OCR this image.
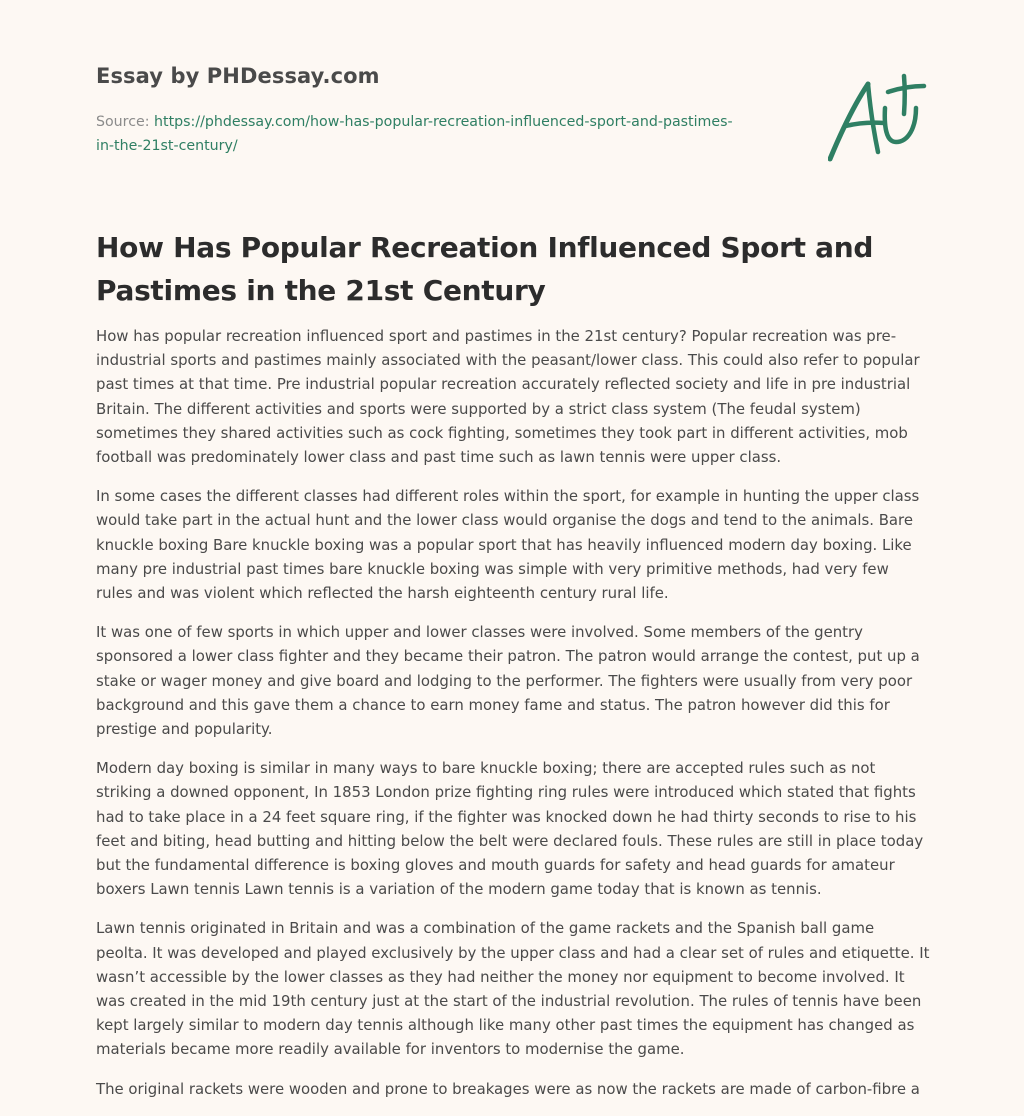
Essay by PHDessay.com
Source: https://phdessay.com/how-has-popular-recreation-influenced-sport-and-pastimes-in-the-21st-century/
How Has Popular Recreation Influenced Sport and Pastimes in the 21st Century

How has popular recreation influenced sport and pastimes in the 21st century? Popular recreation was pre-industrial sports and pastimes mainly associated with the peasant/lower class. This could also refer to popular past times at that time. Pre industrial popular recreation accurately reflected society and life in pre industrial Britain. The different activities and sports were supported by a strict class system (The feudal system) sometimes they shared activities such as cock fighting, sometimes they took part in different activities, mob football was predominately lower class and past time such as lawn tennis were upper class.

In some cases the different classes had different roles within the sport, for example in hunting the upper class would take part in the actual hunt and the lower class would organise the dogs and tend to the animals. Bare knuckle boxing Bare knuckle boxing was a popular sport that has heavily influenced modern day boxing. Like many pre industrial past times bare knuckle boxing was simple with very primitive methods, had very few rules and was violent which reflected the harsh eighteenth century rural life.

It was one of few sports in which upper and lower classes were involved. Some members of the gentry sponsored a lower class fighter and they became their patron. The patron would arrange the contest, put up a stake or wager money and give board and lodging to the performer. The fighters were usually from very poor background and this gave them a chance to earn money fame and status. The patron however did this for prestige and popularity.

Modern day boxing is similar in many ways to bare knuckle boxing; there are accepted rules such as not striking a downed opponent, In 1853 London prize fighting ring rules were introduced which stated that fights had to take place in a 24 feet square ring, if the fighter was knocked down he had thirty seconds to rise to his feet and biting, head butting and hitting below the belt were declared fouls. These rules are still in place today but the fundamental difference is boxing gloves and mouth guards for safety and head guards for amateur boxers Lawn tennis Lawn tennis is a variation of the modern game today that is known as tennis.

Lawn tennis originated in Britain and was a combination of the game rackets and the Spanish ball game peolta. It was developed and played exclusively by the upper class and had a clear set of rules and etiquette. It wasn’t accessible by the lower classes as they had neither the money nor equipment to become involved. It was created in the mid 19th century just at the start of the industrial revolution. The rules of tennis have been kept largely similar to modern day tennis although like many other past times the equipment has changed as materials became more readily available for inventors to modernise the game.

The original rackets were wooden and prone to breakages were as now the rackets are made of carbon-fibre a
